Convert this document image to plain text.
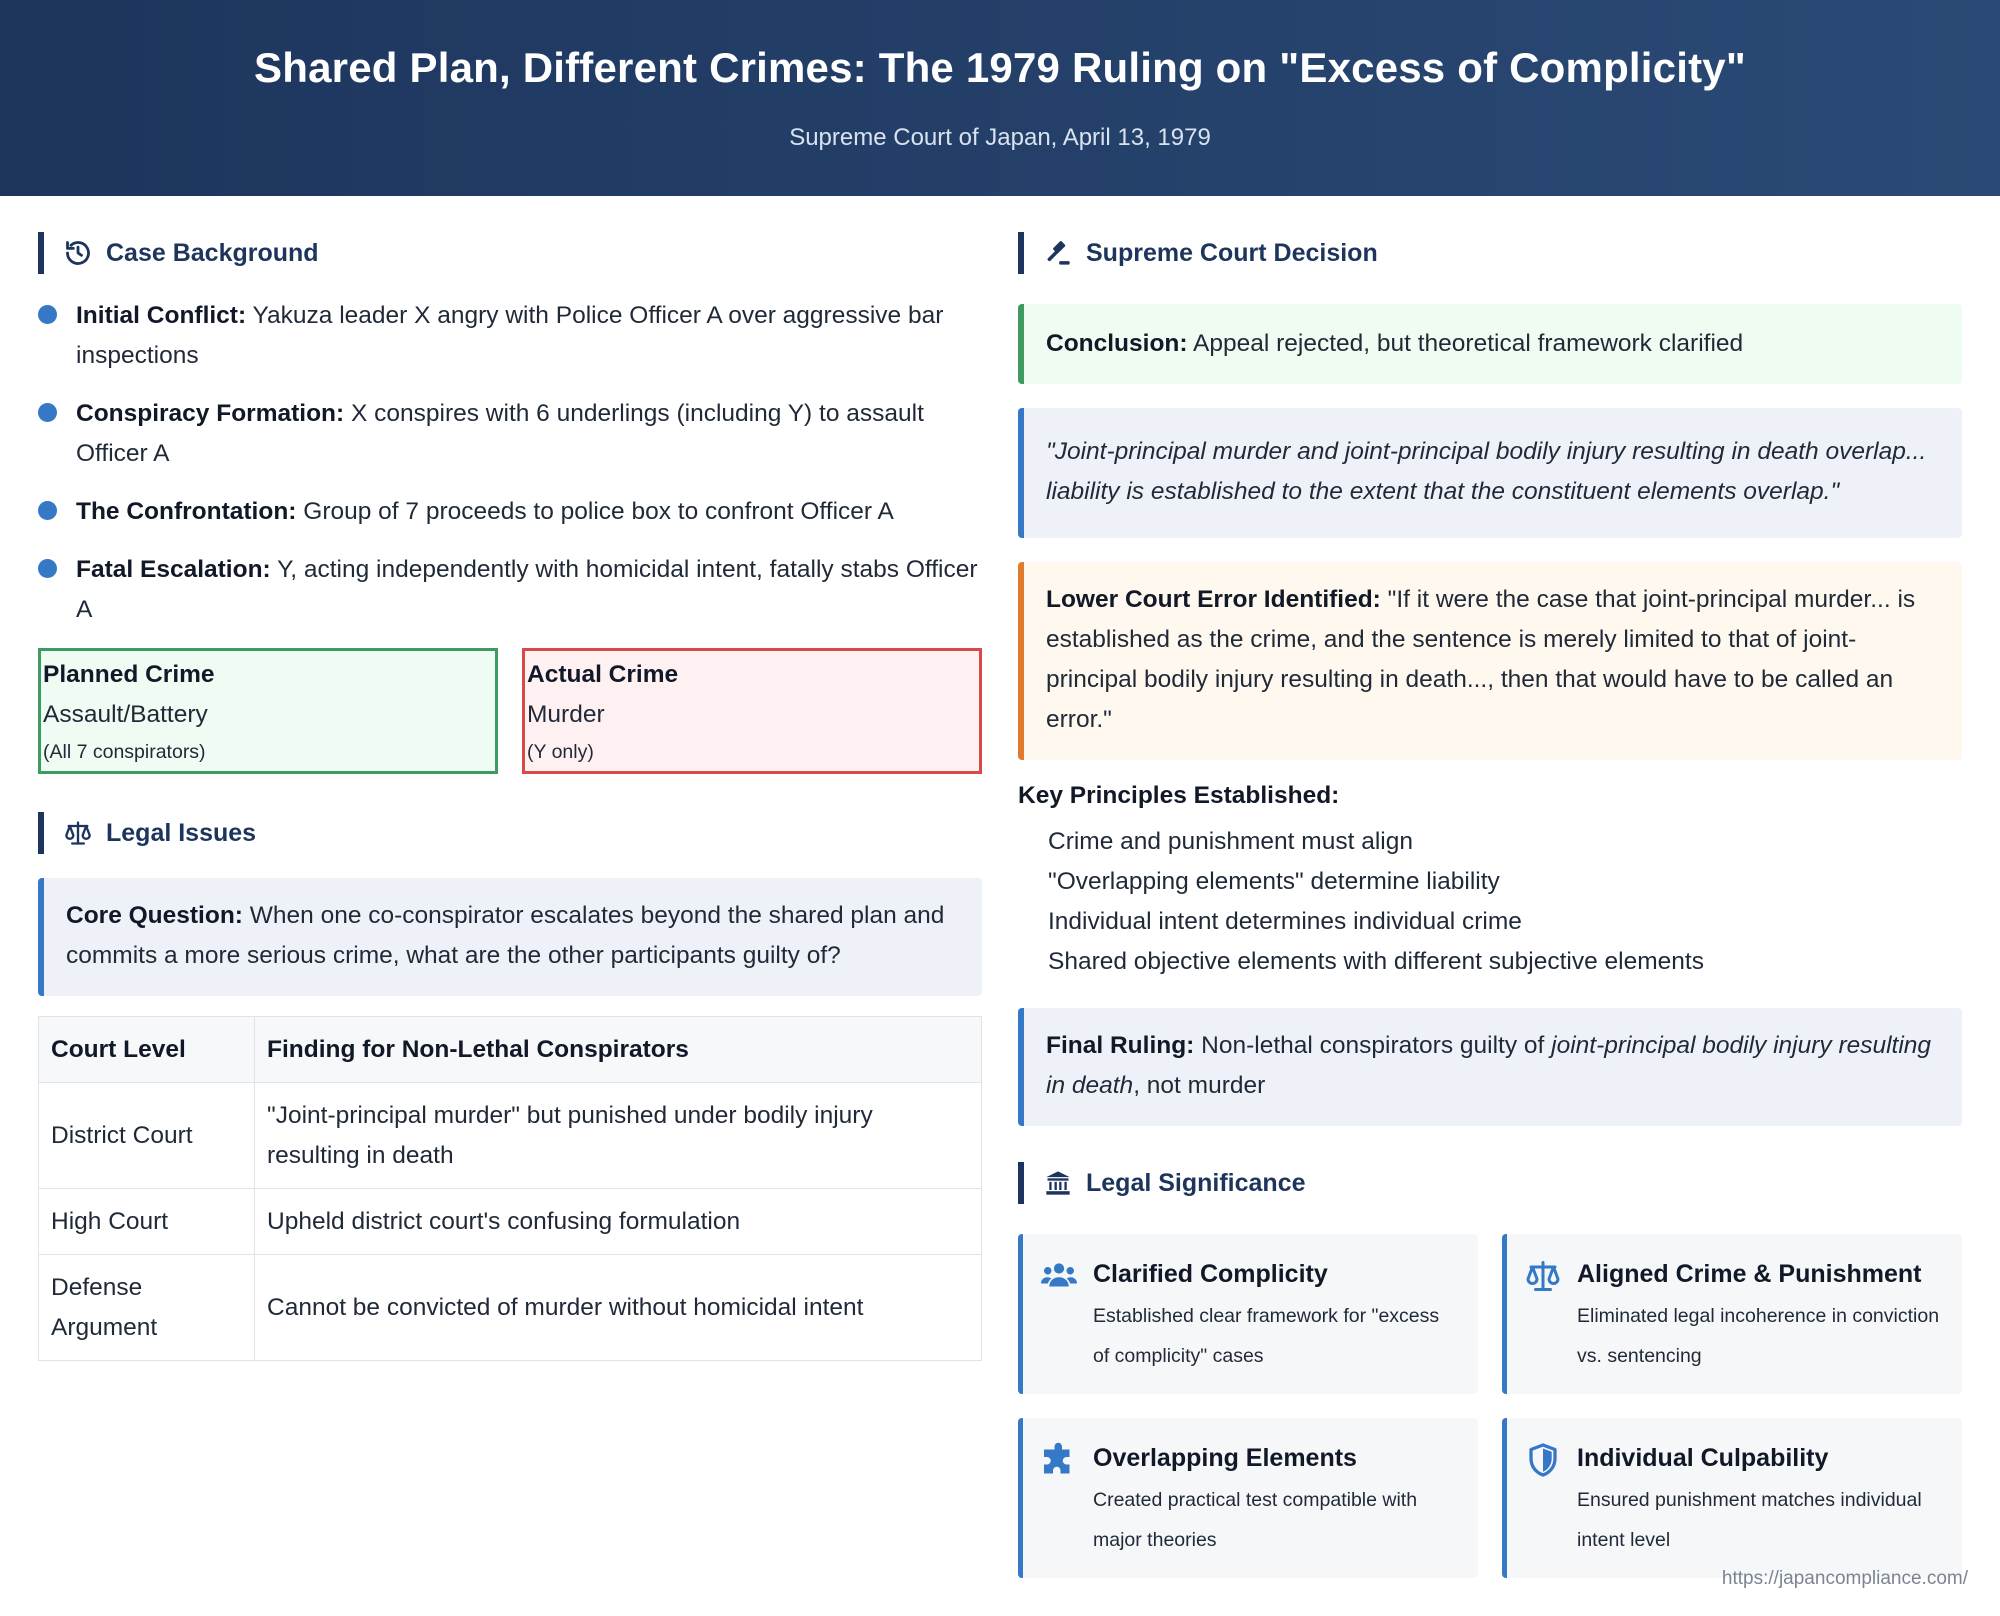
Shared Plan, Different Crimes: The 1979 Ruling on "Excess of Complicity"
Supreme Court of Japan, April 13, 1979
Case Background
Initial Conflict: Yakuza leader X angry with Police Officer A over aggressive bar inspections
Conspiracy Formation: X conspires with 6 underlings (including Y) to assault Officer A
The Confrontation: Group of 7 proceeds to police box to confront Officer A
Fatal Escalation: Y, acting independently with homicidal intent, fatally stabs Officer A
Planned Crime
Assault/Battery
(All 7 conspirators)
Actual Crime
Murder
(Y only)
Legal Issues
Core Question: When one co-conspirator escalates beyond the shared plan and commits a more serious crime, what are the other participants guilty of?
Court Level	Finding for Non-Lethal Conspirators
District Court	"Joint-principal murder" but punished under bodily injury resulting in death
High Court	Upheld district court's confusing formulation
Defense Argument	Cannot be convicted of murder without homicidal intent
Supreme Court Decision
Conclusion: Appeal rejected, but theoretical framework clarified
"Joint-principal murder and joint-principal bodily injury resulting in death overlap... liability is established to the extent that the constituent elements overlap."
Lower Court Error Identified: "If it were the case that joint-principal murder... is established as the crime, and the sentence is merely limited to that of joint-principal bodily injury resulting in death..., then that would have to be called an error."
Key Principles Established:
Crime and punishment must align
"Overlapping elements" determine liability
Individual intent determines individual crime
Shared objective elements with different subjective elements
Final Ruling: Non-lethal conspirators guilty of joint-principal bodily injury resulting in death, not murder
Legal Significance
Clarified Complicity
Established clear framework for "excess of complicity" cases
Aligned Crime & Punishment
Eliminated legal incoherence in conviction vs. sentencing
Overlapping Elements
Created practical test compatible with major theories
Individual Culpability
Ensured punishment matches individual intent level
https://japancompliance.com/
